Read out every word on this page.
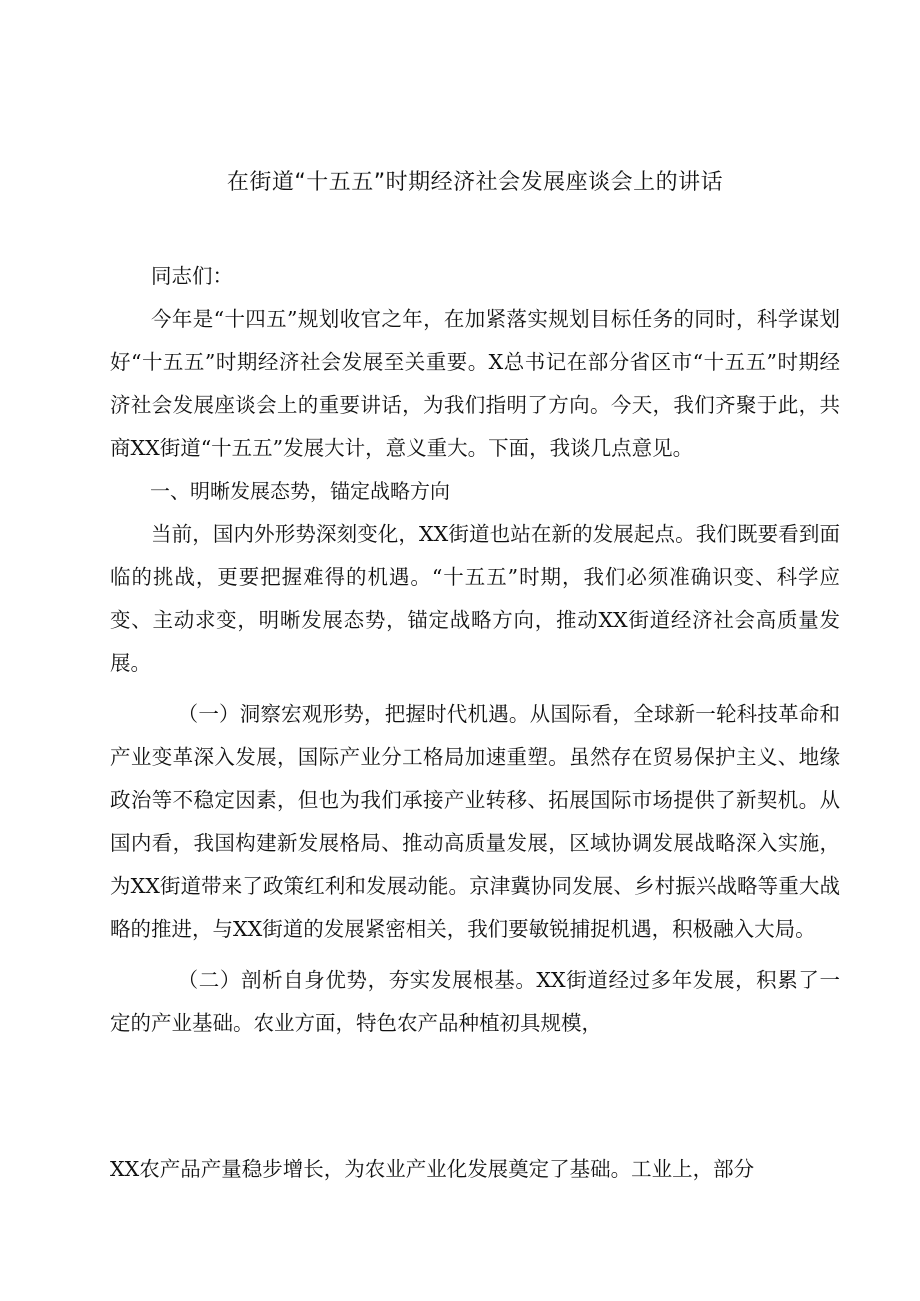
在街道“十五五”时期经济社会发展座谈会上的讲话

同志们：

今年是“十四五”规划收官之年，在加紧落实规划目标任务的同时，科学谋划好“十五五”时期经济社会发展至关重要。X总书记在部分省区市“十五五”时期经济社会发展座谈会上的重要讲话，为我们指明了方向。今天，我们齐聚于此，共商XX街道“十五五”发展大计，意义重大。下面，我谈几点意见。

一、明晰发展态势，锚定战略方向

当前，国内外形势深刻变化，XX街道也站在新的发展起点。我们既要看到面临的挑战，更要把握难得的机遇。“十五五”时期，我们必须准确识变、科学应变、主动求变，明晰发展态势，锚定战略方向，推动XX街道经济社会高质量发展。

（一）洞察宏观形势，把握时代机遇。从国际看，全球新一轮科技革命和产业变革深入发展，国际产业分工格局加速重塑。虽然存在贸易保护主义、地缘政治等不稳定因素，但也为我们承接产业转移、拓展国际市场提供了新契机。从国内看，我国构建新发展格局、推动高质量发展，区域协调发展战略深入实施，为XX街道带来了政策红利和发展动能。京津冀协同发展、乡村振兴战略等重大战略的推进，与XX街道的发展紧密相关，我们要敏锐捕捉机遇，积极融入大局。

（二）剖析自身优势，夯实发展根基。XX街道经过多年发展，积累了一定的产业基础。农业方面，特色农产品种植初具规模，

XX农产品产量稳步增长，为农业产业化发展奠定了基础。工业上，部分
